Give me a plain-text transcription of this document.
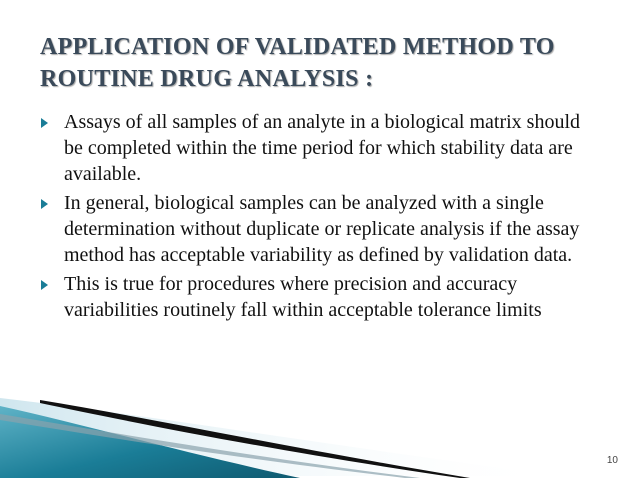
APPLICATION OF VALIDATED METHOD TO
ROUTINE DRUG ANALYSIS :
Assays of all samples of an analyte in a biological matrix should be completed within the time period for which stability data are available.
In general, biological samples can be analyzed with a single determination without duplicate or replicate analysis if the assay method has acceptable variability as defined by validation data.
This is true for procedures where precision and accuracy variabilities routinely fall within acceptable tolerance limits
10
